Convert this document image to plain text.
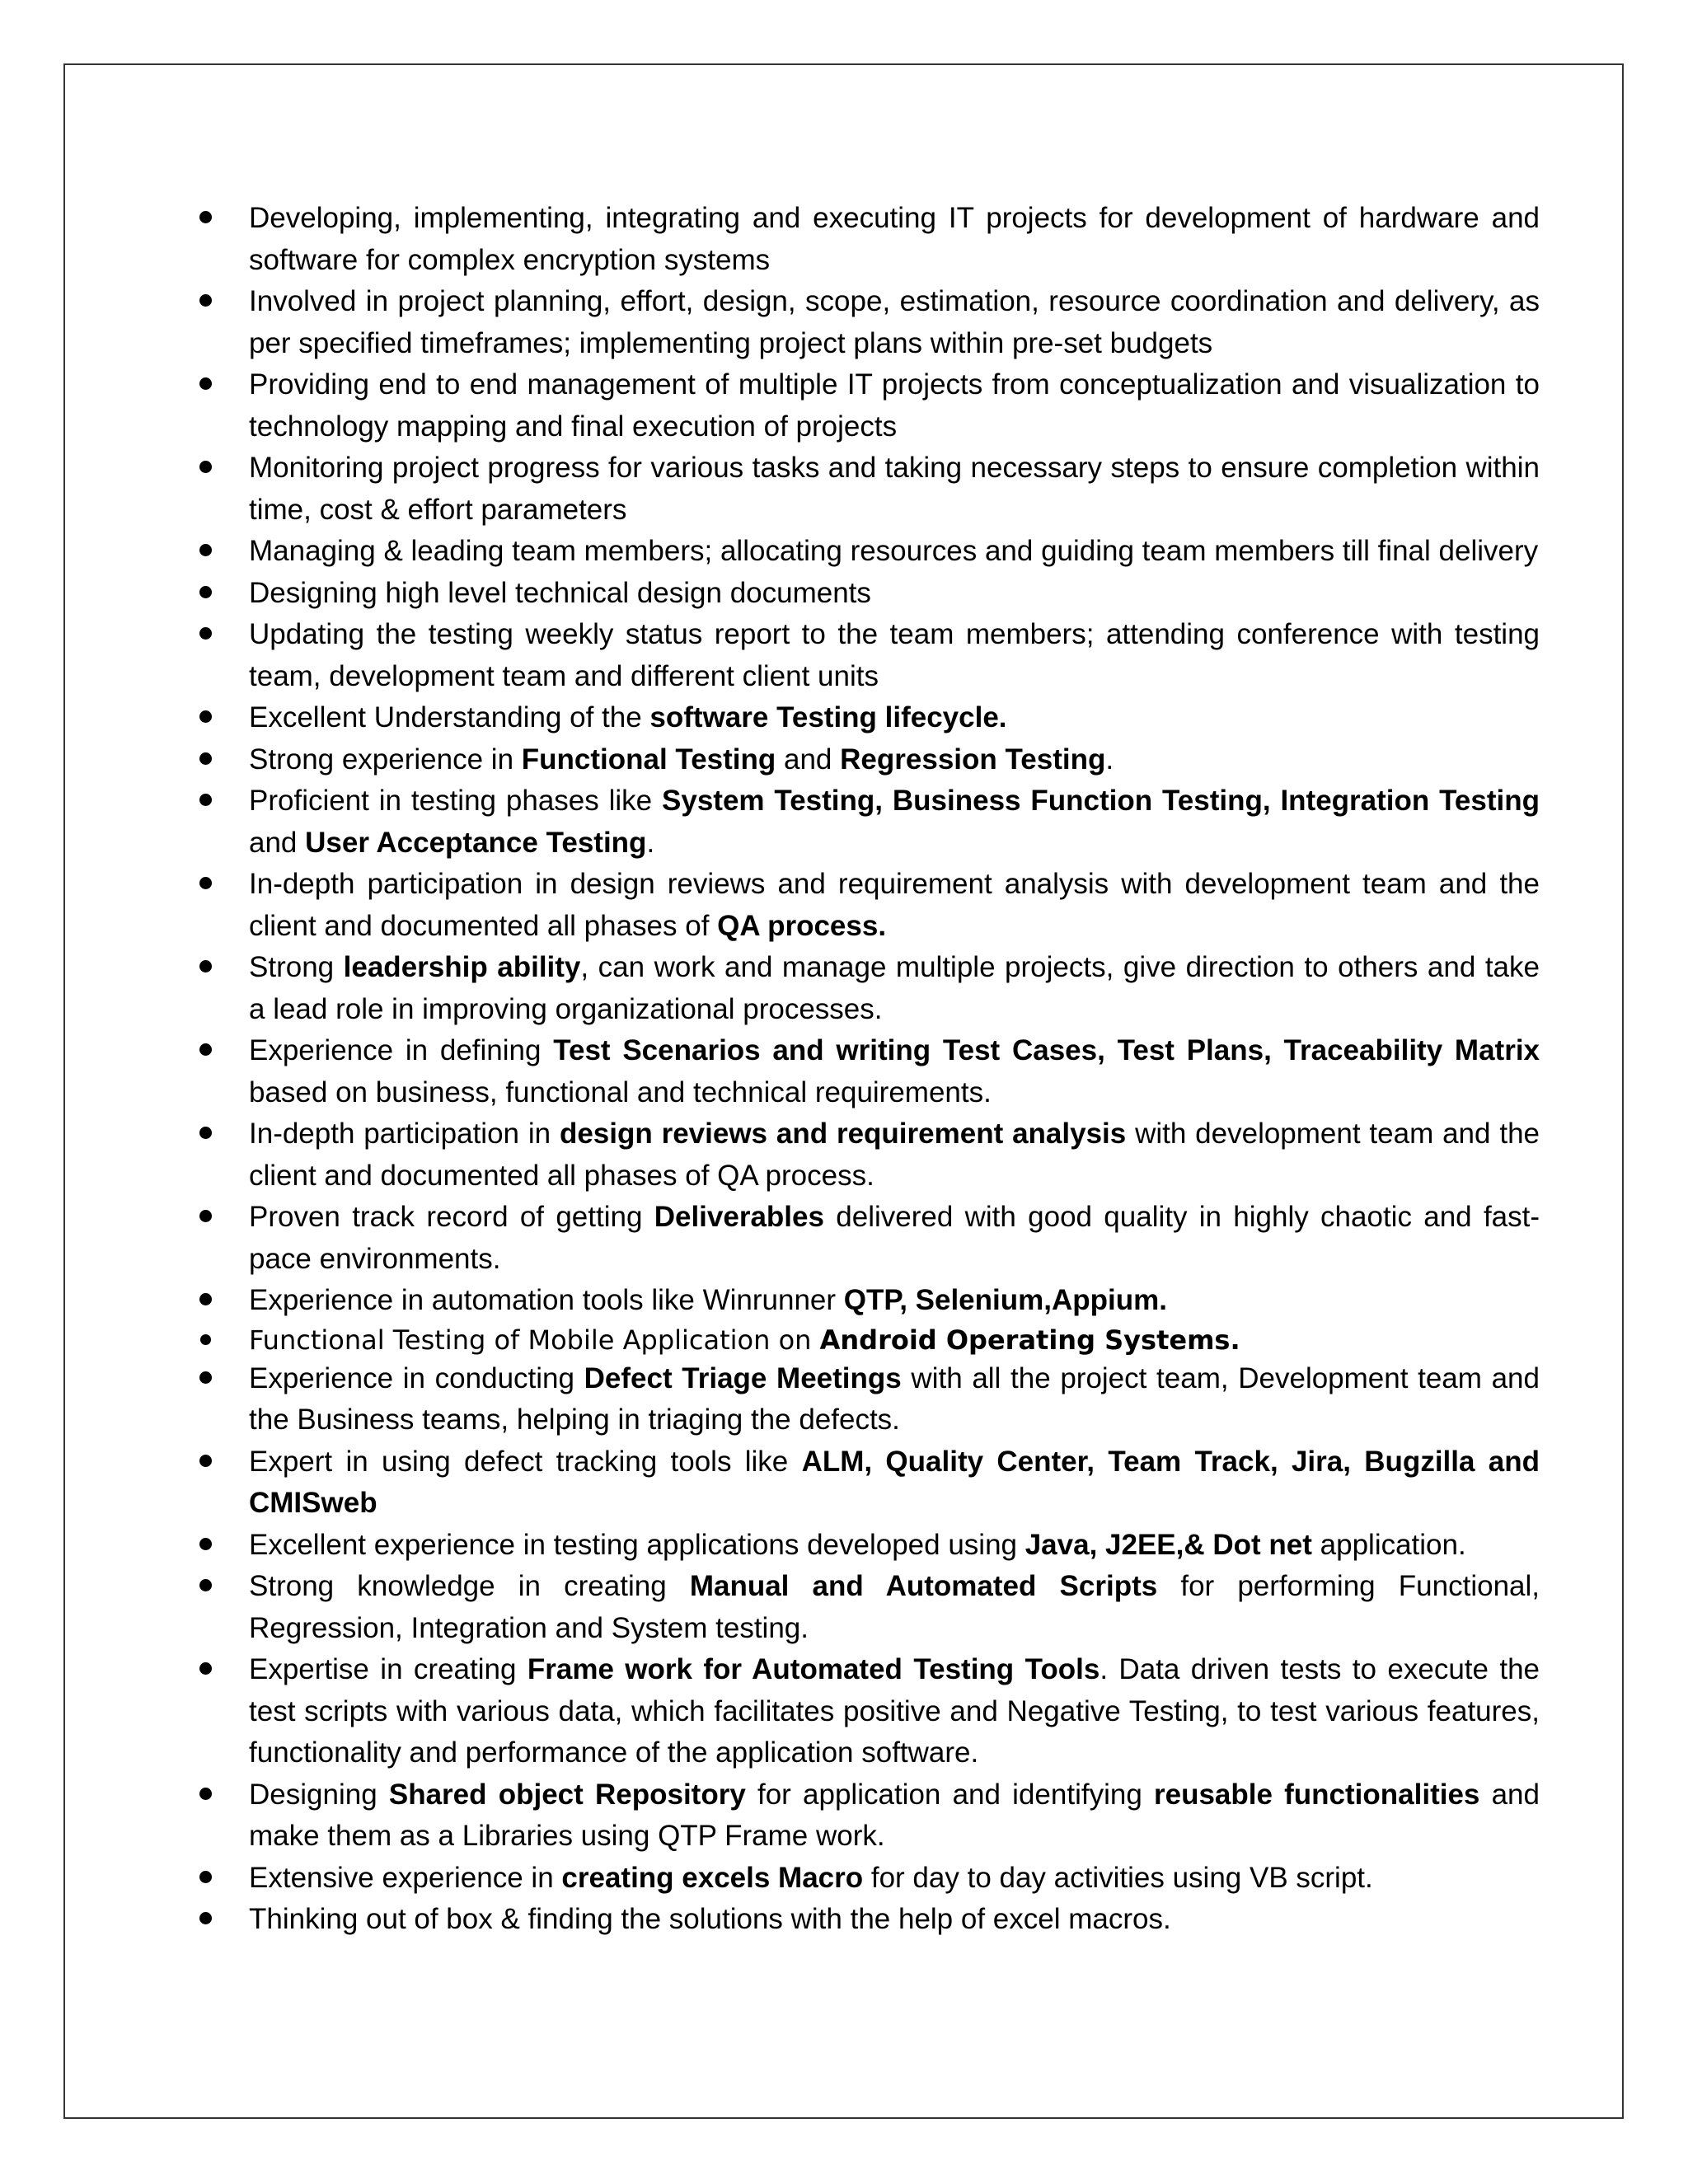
Developing, implementing, integrating and executing IT projects for development of hardware and software for complex encryption systems
Involved in project planning, effort, design, scope, estimation, resource coordination and delivery, as per specified timeframes; implementing project plans within pre-set budgets
Providing end to end management of multiple IT projects from conceptualization and visualization to technology mapping and final execution of projects
Monitoring project progress for various tasks and taking necessary steps to ensure completion within time, cost & effort parameters
Managing & leading team members; allocating resources and guiding team members till final delivery
Designing high level technical design documents
Updating the testing weekly status report to the team members; attending conference with testing team, development team and different client units
Excellent Understanding of the software Testing lifecycle.
Strong experience in Functional Testing and Regression Testing.
Proficient in testing phases like System Testing, Business Function Testing, Integration Testing and User Acceptance Testing.
In-depth participation in design reviews and requirement analysis with development team and the client and documented all phases of QA process.
Strong leadership ability, can work and manage multiple projects, give direction to others and take a lead role in improving organizational processes.
Experience in defining Test Scenarios and writing Test Cases, Test Plans, Traceability Matrix based on business, functional and technical requirements.
In-depth participation in design reviews and requirement analysis with development team and the client and documented all phases of QA process.
Proven track record of getting Deliverables delivered with good quality in highly chaotic and fast-pace environments.
Experience in automation tools like Winrunner QTP, Selenium,Appium.
Functional Testing of Mobile Application on Android Operating Systems.
Experience in conducting Defect Triage Meetings with all the project team, Development team and the Business teams, helping in triaging the defects.
Expert in using defect tracking tools like ALM, Quality Center, Team Track, Jira, Bugzilla and CMISweb
Excellent experience in testing applications developed using Java, J2EE,& Dot net application.
Strong knowledge in creating Manual and Automated Scripts for performing Functional, Regression, Integration and System testing.
Expertise in creating Frame work for Automated Testing Tools. Data driven tests to execute the test scripts with various data, which facilitates positive and Negative Testing, to test various features, functionality and performance of the application software.
Designing Shared object Repository for application and identifying reusable functionalities and make them as a Libraries using QTP Frame work.
Extensive experience in creating excels Macro for day to day activities using VB script.
Thinking out of box & finding the solutions with the help of excel macros.
